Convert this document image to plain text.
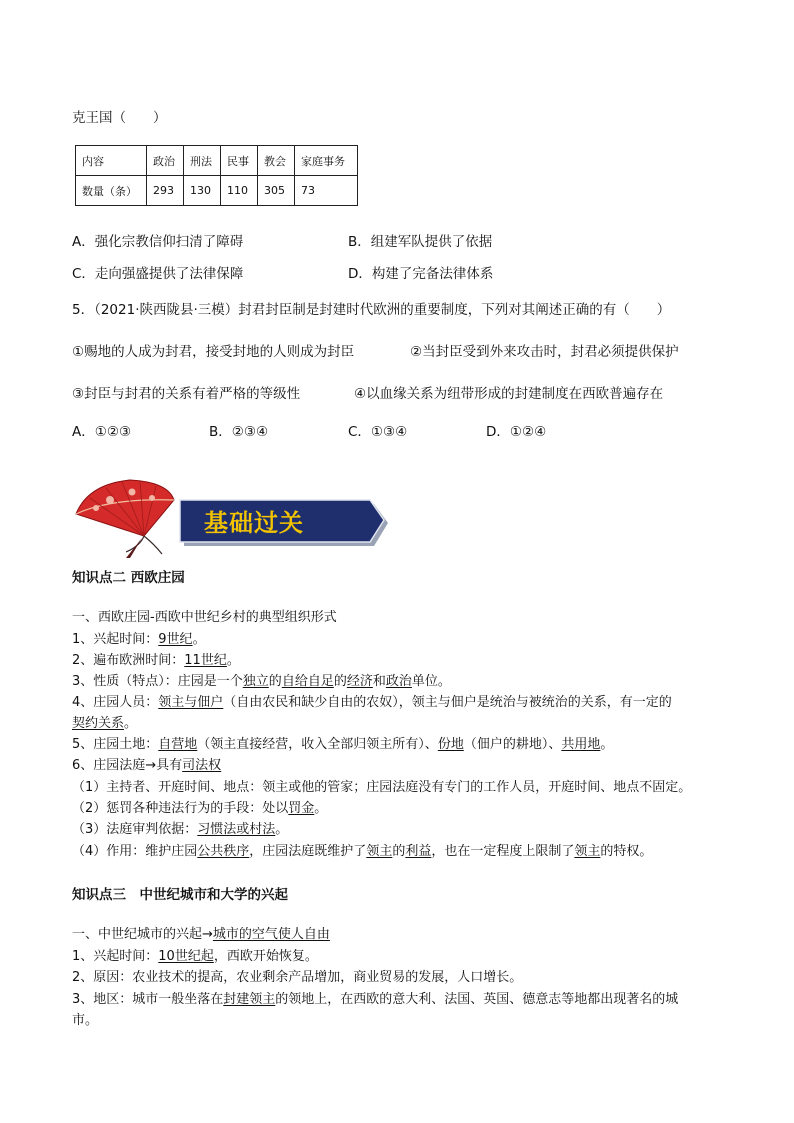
克王国（　　）
内容	政治	刑法	民事	教会	家庭事务
数量（条）	293	130	110	305	73
A．强化宗教信仰扫清了障碍	B．组建军队提供了依据
C．走向强盛提供了法律保障	D．构建了完备法律体系
5．（2021·陕西陇县·三模）封君封臣制是封建时代欧洲的重要制度，下列对其阐述正确的有（　　）
①赐地的人成为封君，接受封地的人则成为封臣	②当封臣受到外来攻击时，封君必须提供保护
③封臣与封君的关系有着严格的等级性	④以血缘关系为纽带形成的封建制度在西欧普遍存在
A．①②③	B．②③④	C．①③④	D．①②④
基础过关
知识点二 西欧庄园
一、西欧庄园-西欧中世纪乡村的典型组织形式
1、兴起时间：9世纪。
2、遍布欧洲时间：11世纪。
3、性质（特点）：庄园是一个独立的自给自足的经济和政治单位。
4、庄园人员：领主与佃户（自由农民和缺少自由的农奴），领主与佃户是统治与被统治的关系，有一定的
契约关系。
5、庄园土地：自营地（领主直接经营，收入全部归领主所有）、份地（佃户的耕地）、共用地。
6、庄园法庭→具有司法权
（1）主持者、开庭时间、地点：领主或他的管家；庄园法庭没有专门的工作人员，开庭时间、地点不固定。
（2）惩罚各种违法行为的手段：处以罚金。
（3）法庭审判依据：习惯法或村法。
（4）作用：维护庄园公共秩序，庄园法庭既维护了领主的利益，也在一定程度上限制了领主的特权。
知识点三　中世纪城市和大学的兴起
一、中世纪城市的兴起→城市的空气使人自由
1、兴起时间：10世纪起，西欧开始恢复。
2、原因：农业技术的提高，农业剩余产品增加，商业贸易的发展，人口增长。
3、地区：城市一般坐落在封建领主的领地上，在西欧的意大利、法国、英国、德意志等地都出现著名的城
市。
